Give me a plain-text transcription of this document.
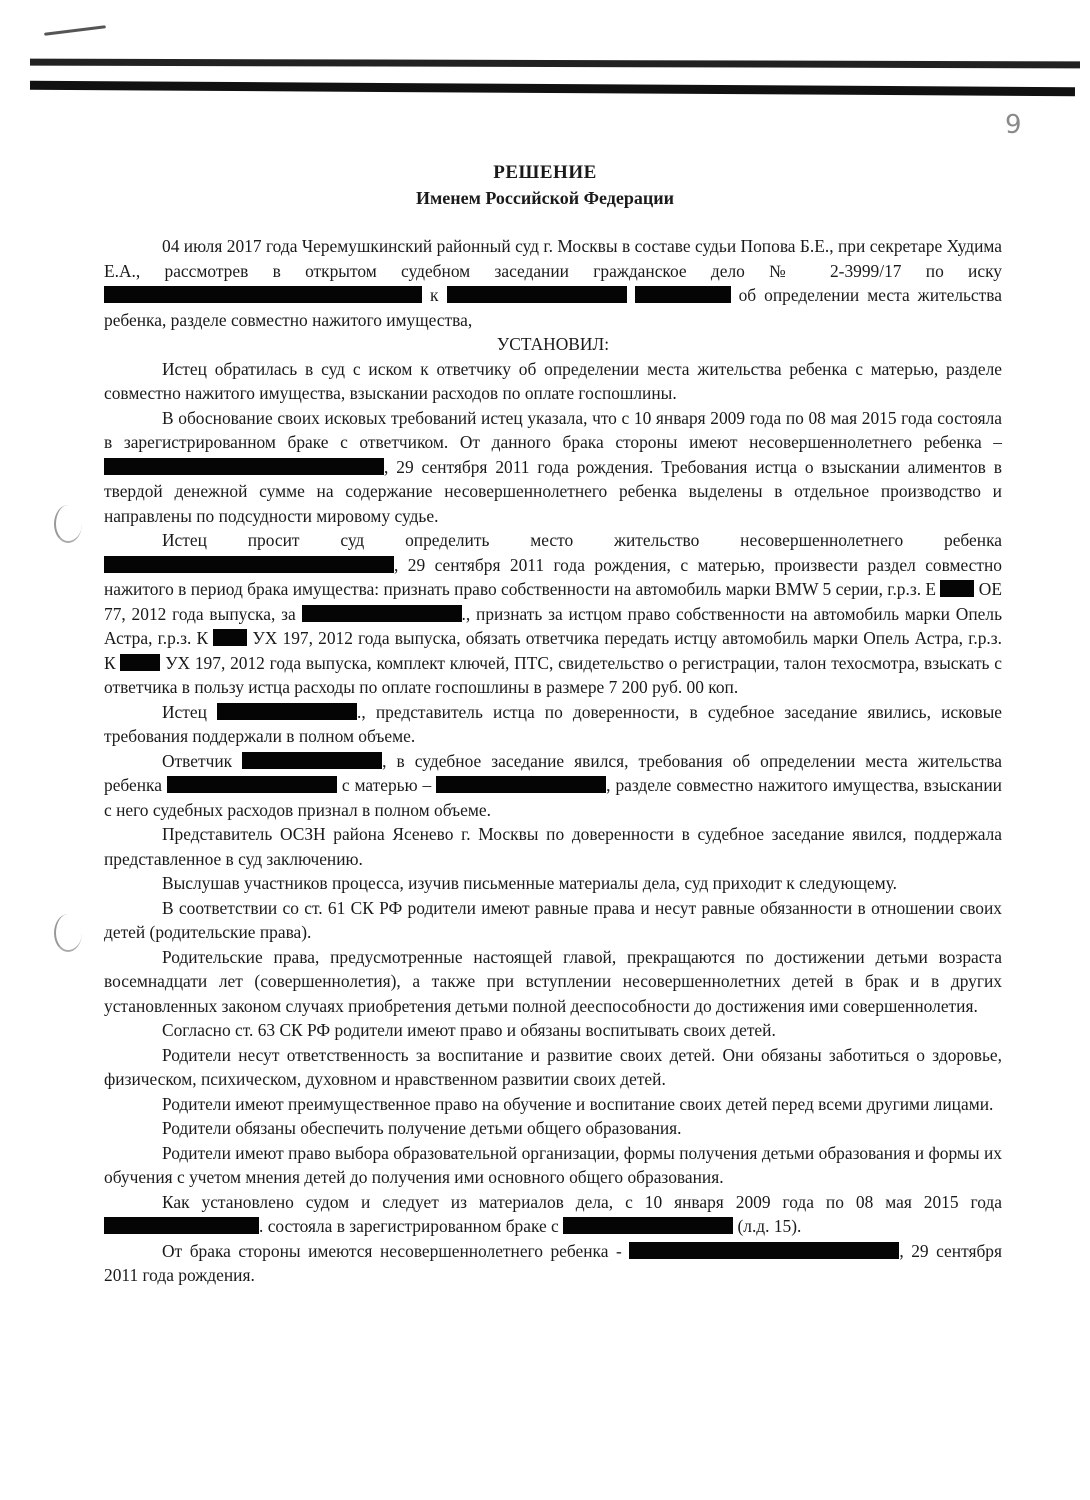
9
РЕШЕНИЕ
Именем Российской Федерации

04 июля 2017 года Черемушкинский районный суд г. Москвы в составе судьи Попова Б.Е., при секретаре Худима Е.А., рассмотрев в открытом судебном заседании гражданское дело № 2-3999/17 по иску  к	об определении места жительства ребенка, разделе совместно нажитого имущества,

УСТАНОВИЛ:

Истец обратилась в суд с иском к ответчику об определении места жительства ребенка с матерью, разделе совместно нажитого имущества, взыскании расходов по оплате госпошлины.

В обоснование своих исковых требований истец указала, что с 10 января 2009 года по 08 мая 2015 года состояла в зарегистрированном браке с ответчиком. От данного брака стороны имеют несовершеннолетнего ребенка – , 29 сентября 2011 года рождения. Требования истца о взыскании алиментов в твердой денежной сумме на содержание несовершеннолетнего ребенка выделены в отдельное производство и направлены по подсудности мировому судье.

Истец просит суд определить место жительство несовершеннолетнего ребенка , 29 сентября 2011 года рождения, с матерью, произвести раздел совместно нажитого в период брака имущества: признать право собственности на автомобиль марки BMW 5 серии, г.р.з. Е ОЕ 77, 2012 года выпуска, за	., признать за истцом право собственности на автомобиль марки Опель Астра, г.р.з. К	УХ 197, 2012 года выпуска, обязать ответчика передать истцу автомобиль марки Опель Астра, г.р.з. К	УХ 197, 2012 года выпуска, комплект ключей, ПТС, свидетельство о регистрации, талон техосмотра, взыскать с ответчика в пользу истца расходы по оплате госпошлины в размере 7 200 руб. 00 коп.

Истец	., представитель истца по доверенности, в судебное заседание явились, исковые требования поддержали в полном объеме.

Ответчик	, в судебное заседание явился, требования об определении места жительства ребенка	с матерью –	, разделе совместно нажитого имущества, взыскании с него судебных расходов признал в полном объеме.

Представитель ОСЗН района Ясенево г. Москвы по доверенности в судебное заседание явился, поддержала представленное в суд заключению.

Выслушав участников процесса, изучив письменные материалы дела, суд приходит к следующему.

В соответствии со ст. 61 СК РФ родители имеют равные права и несут равные обязанности в отношении своих детей (родительские права).

Родительские права, предусмотренные настоящей главой, прекращаются по достижении детьми возраста восемнадцати лет (совершеннолетия), а также при вступлении несовершеннолетних детей в брак и в других установленных законом случаях приобретения детьми полной дееспособности до достижения ими совершеннолетия.

Согласно ст. 63 СК РФ родители имеют право и обязаны воспитывать своих детей.

Родители несут ответственность за воспитание и развитие своих детей. Они обязаны заботиться о здоровье, физическом, психическом, духовном и нравственном развитии своих детей.

Родители имеют преимущественное право на обучение и воспитание своих детей перед всеми другими лицами.

Родители обязаны обеспечить получение детьми общего образования.

Родители имеют право выбора образовательной организации, формы получения детьми образования и формы их обучения с учетом мнения детей до получения ими основного общего образования.

Как установлено судом и следует из материалов дела, с 10 января 2009 года по 08 мая 2015 года . состояла в зарегистрированном браке с	(л.д. 15).

От брака стороны имеются несовершеннолетнего ребенка -	, 29 сентября 2011 года рождения.
